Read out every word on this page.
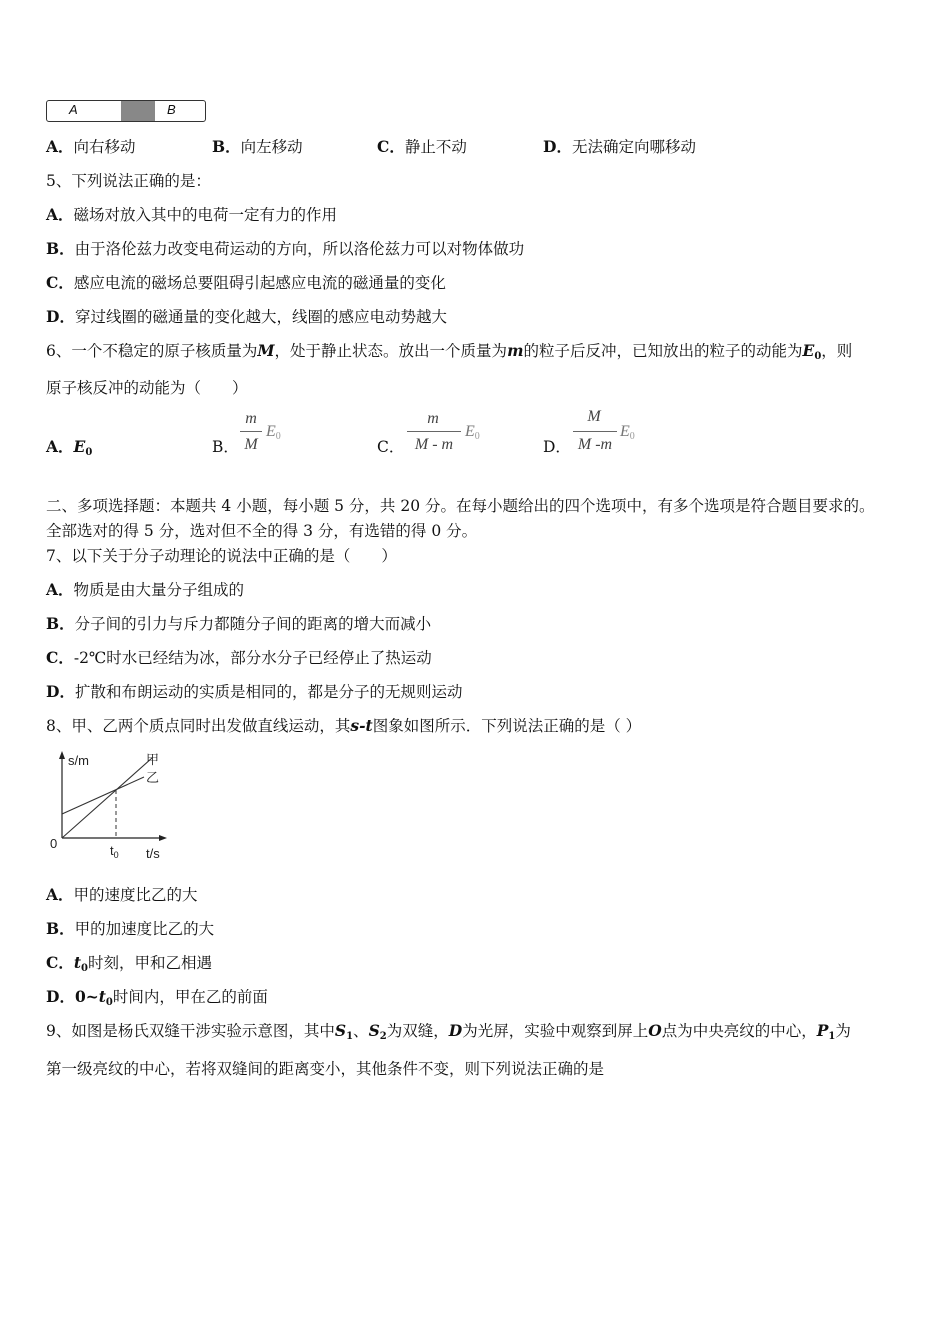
A	B
A．向右移动	B．向左移动	C．静止不动	D．无法确定向哪移动
5、下列说法正确的是：
A．磁场对放入其中的电荷一定有力的作用
B．由于洛伦兹力改变电荷运动的方向，所以洛伦兹力可以对物体做功
C．感应电流的磁场总要阻碍引起感应电流的磁通量的变化
D．穿过线圈的磁通量的变化越大，线圈的感应电动势越大
6、一个不稳定的原子核质量为M，处于静止状态。放出一个质量为m的粒子后反冲，已知放出的粒子的动能为$E_0$，则
原子核反冲的动能为（　　）
A．$E_0$	B．
m
M
$E_0$
C．
m
M - m
$E_0$
D．
M
M -m
$E_0$
二、多项选择题：本题共 4 小题，每小题 5 分，共 20 分。在每小题给出的四个选项中，有多个选项是符合题目要求的。
全部选对的得 5 分，选对但不全的得 3 分，有选错的得 0 分。
7、以下关于分子动理论的说法中正确的是（　　）
A．物质是由大量分子组成的
B．分子间的引力与斥力都随分子间的距离的增大而减小
C．-2℃时水已经结为冰，部分水分子已经停止了热运动
D．扩散和布朗运动的实质是相同的，都是分子的无规则运动
8、甲、乙两个质点同时出发做直线运动，其s-t图象如图所示．下列说法正确的是（ ）
s/m
t/s
0
甲
乙
$t_0$
A．甲的速度比乙的大
B．甲的加速度比乙的大
C．$t_0$时刻，甲和乙相遇
D．$0\sim t_0$时间内，甲在乙的前面
9、如图是杨氏双缝干涉实验示意图，其中$S_1$、$S_2$为双缝，D为光屏，实验中观察到屏上O点为中央亮纹的中心，$P_1$为
第一级亮纹的中心，若将双缝间的距离变小，其他条件不变，则下列说法正确的是
